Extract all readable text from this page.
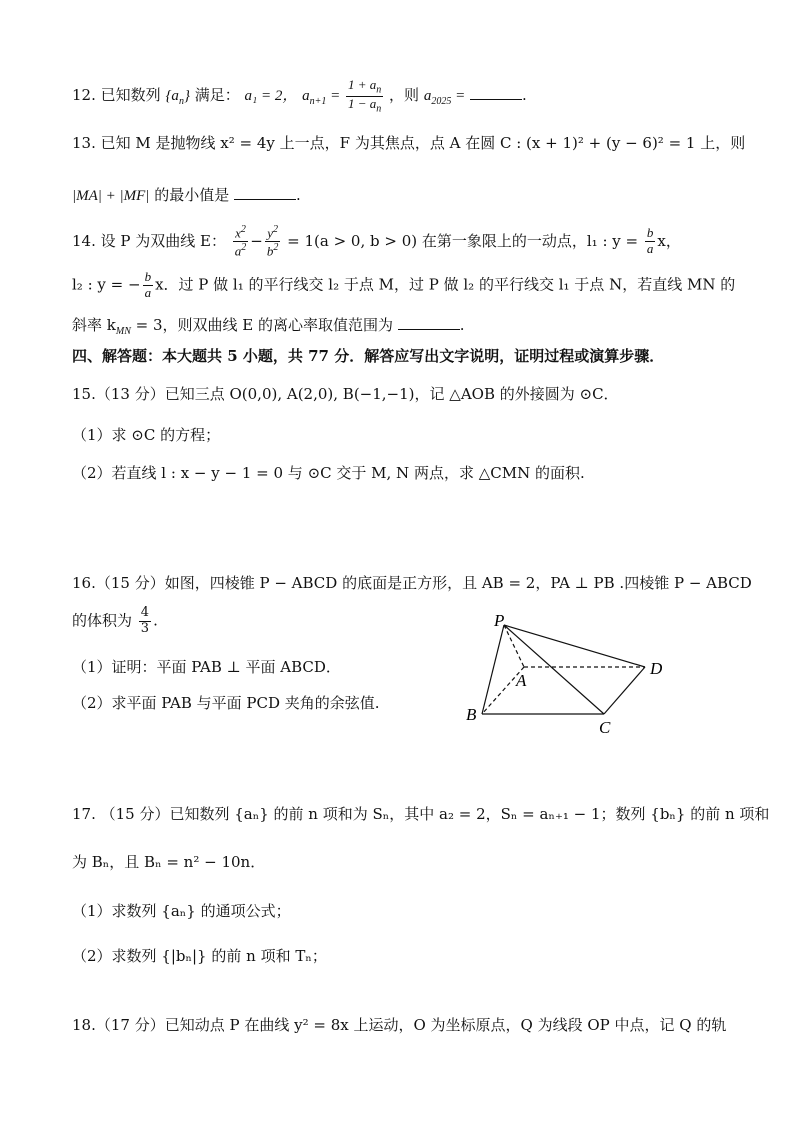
12. 已知数列 $\{a_n\}$ 满足： a₁ = 2， $a_{n+1} = \frac{1 + a_n}{1 - a_n}$ ，则 $a_{2025}$ =	.
13. 已知 M 是抛物线 x² = 4y 上一点，F 为其焦点，点 A 在圆 C : (x + 1)² + (y − 6)² = 1 上，则
|MA| + |MF| 的最小值是	.
14. 设 P 为双曲线 E： $\frac{x^2}{a^2} - \frac{y^2}{b^2} = 1(a > 0$, b > 0) 在第一象限上的一动点，l₁ : $y = \frac{b}{a}$ x，
l₂ : y = − $\frac{b}{a}$ x．过 P 做 l₁ 的平行线交 l₂ 于点 M，过 P 做 l₂ 的平行线交 l₁ 于点 N，若直线 MN 的
斜率 $k_{MN} = 3$，则双曲线 E 的离心率取值范围为	.
四、解答题：本大题共 5 小题，共 77 分．解答应写出文字说明，证明过程或演算步骤．
15.（13 分）已知三点 O(0,0), A(2,0), B(−1,−1)，记 △AOB 的外接圆为 ⊙C．
（1）求 ⊙C 的方程；
（2）若直线 l : x − y − 1 = 0 与 ⊙C 交于 M, N 两点，求 △CMN 的面积.
16.（15 分）如图，四棱锥 P − ABCD 的底面是正方形，且 AB = 2，PA ⊥ PB .四棱锥 P − ABCD
的体积为 $\frac{4}{3}$ .
（1）证明：平面 PAB ⊥ 平面 ABCD．
（2）求平面 PAB 与平面 PCD 夹角的余弦值.
P
A
B
C
D
17. （15 分）已知数列 {aₙ} 的前 n 项和为 Sₙ，其中 a₂ = 2，Sₙ = aₙ₊₁ − 1；数列 {bₙ} 的前 n 项和
为 Bₙ，且 Bₙ = n² − 10n．
（1）求数列 {aₙ} 的通项公式；
（2）求数列 {|bₙ|} 的前 n 项和 Tₙ；
18.（17 分）已知动点 P 在曲线 y² = 8x 上运动，O 为坐标原点，Q 为线段 OP 中点，记 Q 的轨
